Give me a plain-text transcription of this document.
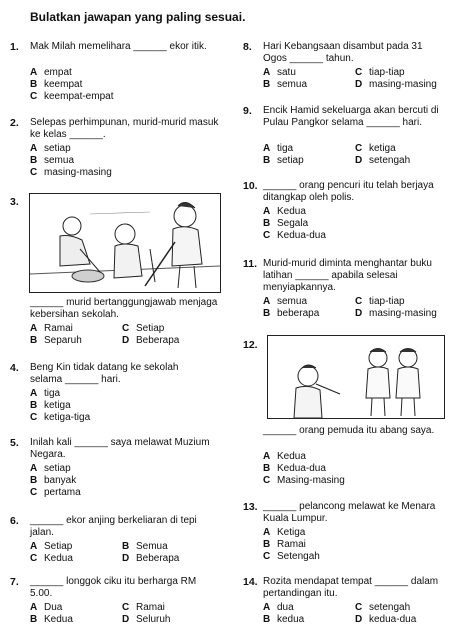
Bulatkan jawapan yang paling sesuai.
1. Mak Milah memelihara ______ ekor itik.
A empat
B keempat
C keempat-empat
2. Selepas perhimpunan, murid-murid masuk ke kelas ______.
A setiap
B semua
C masing-masing
3.
______ murid bertanggungjawab menjaga kebersihan sekolah.
A Ramai	C Setiap
B Separuh	D Beberapa
4. Beng Kin tidak datang ke sekolah selama ______ hari.
A tiga
B ketiga
C ketiga-tiga
5. Inilah kali ______ saya melawat Muzium Negara.
A setiap
B banyak
C pertama
6. ______ ekor anjing berkeliaran di tepi jalan.
A Setiap	B Semua
C Kedua	D Beberapa
7. ______ longgok ciku itu berharga RM 5.00.
A Dua	C Ramai
B Kedua	D Seluruh
8. Hari Kebangsaan disambut pada 31 Ogos ______ tahun.
A satu	C tiap-tiap
B semua	D masing-masing
9. Encik Hamid sekeluarga akan bercuti di Pulau Pangkor selama ______ hari.
A tiga	C ketiga
B setiap	D setengah
10. ______ orang pencuri itu telah berjaya ditangkap oleh polis.
A Kedua
B Segala
C Kedua-dua
11. Murid-murid diminta menghantar buku latihan ______ apabila selesai menyiapkannya.
A semua	C tiap-tiap
B beberapa	D masing-masing
12.
______ orang pemuda itu abang saya.
A Kedua
B Kedua-dua
C Masing-masing
13. ______ pelancong melawat ke Menara Kuala Lumpur.
A Ketiga
B Ramai
C Setengah
14. Rozita mendapat tempat ______ dalam pertandingan itu.
A dua	C setengah
B kedua	D kedua-dua
